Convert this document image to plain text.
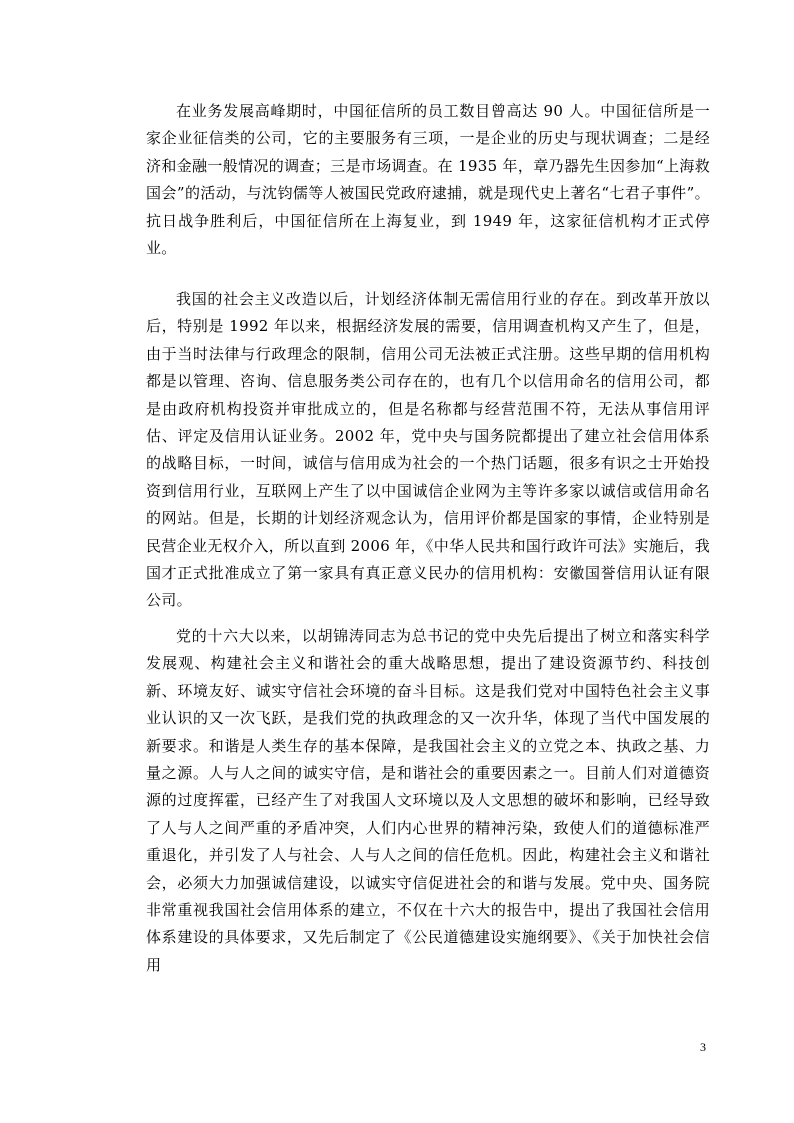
在业务发展高峰期时，中国征信所的员工数目曾高达 90 人。中国征信所是一家企业征信类的公司，它的主要服务有三项，一是企业的历史与现状调查；二是经济和金融一般情况的调查；三是市场调查。在 1935 年，章乃器先生因参加“上海救国会”的活动，与沈钧儒等人被国民党政府逮捕，就是现代史上著名“七君子事件”。抗日战争胜利后，中国征信所在上海复业，到 1949 年，这家征信机构才正式停业。

我国的社会主义改造以后，计划经济体制无需信用行业的存在。到改革开放以后，特别是 1992 年以来，根据经济发展的需要，信用调查机构又产生了，但是，由于当时法律与行政理念的限制，信用公司无法被正式注册。这些早期的信用机构都是以管理、咨询、信息服务类公司存在的，也有几个以信用命名的信用公司，都是由政府机构投资并审批成立的，但是名称都与经营范围不符，无法从事信用评估、评定及信用认证业务。2002 年，党中央与国务院都提出了建立社会信用体系的战略目标，一时间，诚信与信用成为社会的一个热门话题，很多有识之士开始投资到信用行业，互联网上产生了以中国诚信企业网为主等许多家以诚信或信用命名的网站。但是，长期的计划经济观念认为，信用评价都是国家的事情，企业特别是民营企业无权介入，所以直到 2006 年，《中华人民共和国行政许可法》实施后，我国才正式批准成立了第一家具有真正意义民办的信用机构：安徽国誉信用认证有限公司。

党的十六大以来，以胡锦涛同志为总书记的党中央先后提出了树立和落实科学发展观、构建社会主义和谐社会的重大战略思想，提出了建设资源节约、科技创新、环境友好、诚实守信社会环境的奋斗目标。这是我们党对中国特色社会主义事业认识的又一次飞跃，是我们党的执政理念的又一次升华，体现了当代中国发展的新要求。和谐是人类生存的基本保障，是我国社会主义的立党之本、执政之基、力量之源。人与人之间的诚实守信，是和谐社会的重要因素之一。目前人们对道德资源的过度挥霍，已经产生了对我国人文环境以及人文思想的破坏和影响，已经导致了人与人之间严重的矛盾冲突，人们内心世界的精神污染，致使人们的道德标准严重退化，并引发了人与社会、人与人之间的信任危机。因此，构建社会主义和谐社会，必须大力加强诚信建设，以诚实守信促进社会的和谐与发展。党中央、国务院非常重视我国社会信用体系的建立，不仅在十六大的报告中，提出了我国社会信用体系建设的具体要求，又先后制定了《公民道德建设实施纲要》、《关于加快社会信用

3
